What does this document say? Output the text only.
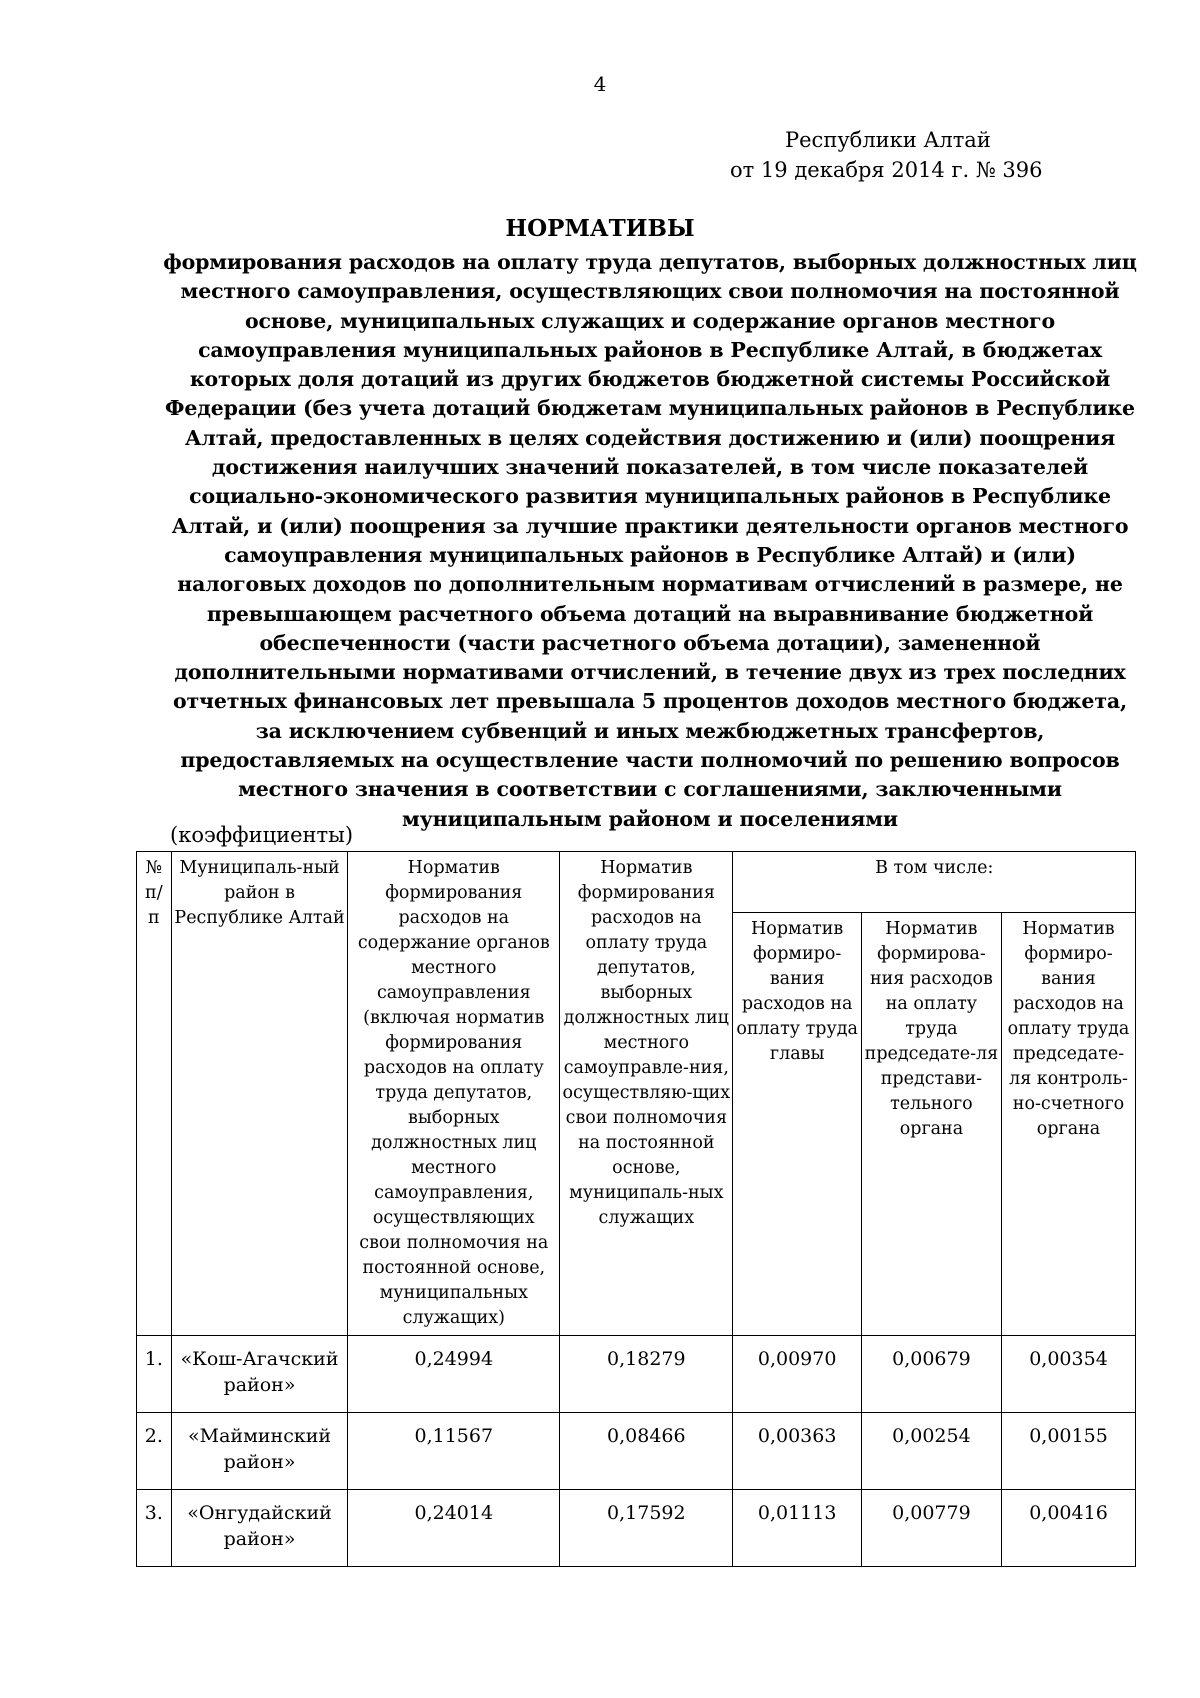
4
Республики Алтай
от 19 декабря 2014 г. № 396
НОРМАТИВЫ
формирования расходов на оплату труда депутатов, выборных должностных лиц местного самоуправления, осуществляющих свои полномочия на постоянной основе, муниципальных служащих и содержание органов местного самоуправления муниципальных районов в Республике Алтай, в бюджетах которых доля дотаций из других бюджетов бюджетной системы Российской Федерации (без учета дотаций бюджетам муниципальных районов в Республике Алтай, предоставленных в целях содействия достижению и (или) поощрения достижения наилучших значений показателей, в том числе показателей социально-экономического развития муниципальных районов в Республике Алтай, и (или) поощрения за лучшие практики деятельности органов местного самоуправления муниципальных районов в Республике Алтай) и (или) налоговых доходов по дополнительным нормативам отчислений в размере, не превышающем расчетного объема дотаций на выравнивание бюджетной обеспеченности (части расчетного объема дотации), замененной дополнительными нормативами отчислений, в течение двух из трех последних отчетных финансовых лет превышала 5 процентов доходов местного бюджета, за исключением субвенций и иных межбюджетных трансфертов, предоставляемых на осуществление части полномочий по решению вопросов местного значения в соответствии с соглашениями, заключенными муниципальным районом и поселениями
(коэффициенты)
№ п/ п	Муниципаль-ный район в Республике Алтай	Норматив формирования расходов на содержание органов местного самоуправления (включая норматив формирования расходов на оплату труда депутатов, выборных должностных лиц местного самоуправления, осуществляющих свои полномочия на постоянной основе, муниципальных служащих)	Норматив формирования расходов на оплату труда депутатов, выборных должностных лиц местного самоуправле-ния, осуществляю-щих свои полномочия на постоянной основе, муниципаль-ных служащих	В том числе:		
				Норматив формиро-вания расходов на оплату труда главы	Норматив формирова-ния расходов на оплату труда председате-ля представи-тельного органа	Норматив формиро-вания расходов на оплату труда председате-ля контроль-но-счетного органа
1.	«Кош-Агачский район»	0,24994	0,18279	0,00970	0,00679	0,00354
2.	«Майминский район»	0,11567	0,08466	0,00363	0,00254	0,00155
3.	«Онгудайский район»	0,24014	0,17592	0,01113	0,00779	0,00416
